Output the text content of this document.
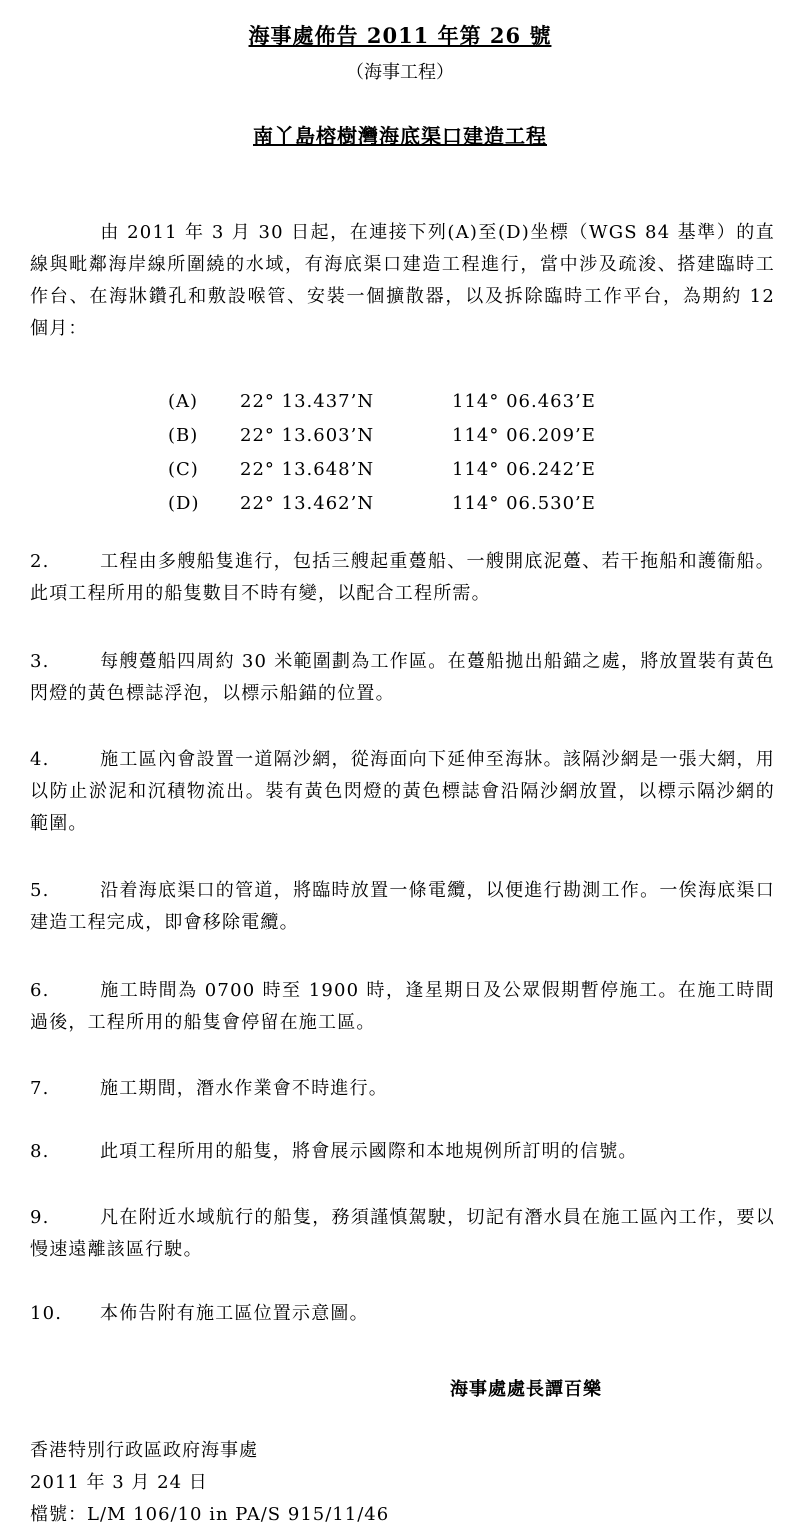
海事處佈告 2011 年第 26 號
（海事工程）
南丫島榕樹灣海底渠口建造工程
由 2011 年 3 月 30 日起，在連接下列(A)至(D)坐標（WGS 84 基準）的直線與毗鄰海岸線所圍繞的水域，有海底渠口建造工程進行，當中涉及疏浚、搭建臨時工作台、在海牀鑽孔和敷設喉管、安裝一個擴散器，以及拆除臨時工作平台，為期約 12 個月：
(A) 22° 13.437’N	114° 06.463’E
(B) 22° 13.603’N	114° 06.209’E
(C) 22° 13.648’N	114° 06.242’E
(D) 22° 13.462’N	114° 06.530’E
2.	工程由多艘船隻進行，包括三艘起重躉船、一艘開底泥躉、若干拖船和護衞船。此項工程所用的船隻數目不時有變，以配合工程所需。
3.	每艘躉船四周約 30 米範圍劃為工作區。在躉船拋出船錨之處，將放置裝有黃色閃燈的黃色標誌浮泡，以標示船錨的位置。
4.	施工區內會設置一道隔沙網，從海面向下延伸至海牀。該隔沙網是一張大網，用以防止淤泥和沉積物流出。裝有黃色閃燈的黃色標誌會沿隔沙網放置，以標示隔沙網的範圍。
5.	沿着海底渠口的管道，將臨時放置一條電纜，以便進行勘測工作。一俟海底渠口建造工程完成，即會移除電纜。
6.	施工時間為 0700 時至 1900 時，逢星期日及公眾假期暫停施工。在施工時間過後，工程所用的船隻會停留在施工區。
7.	施工期間，潛水作業會不時進行。
8.	此項工程所用的船隻，將會展示國際和本地規例所訂明的信號。
9.	凡在附近水域航行的船隻，務須謹慎駕駛，切記有潛水員在施工區內工作，要以慢速遠離該區行駛。
10. 本佈告附有施工區位置示意圖。
海事處處長譚百樂
香港特別行政區政府海事處
2011 年 3 月 24 日
檔號：L/M 106/10 in PA/S 915/11/46
